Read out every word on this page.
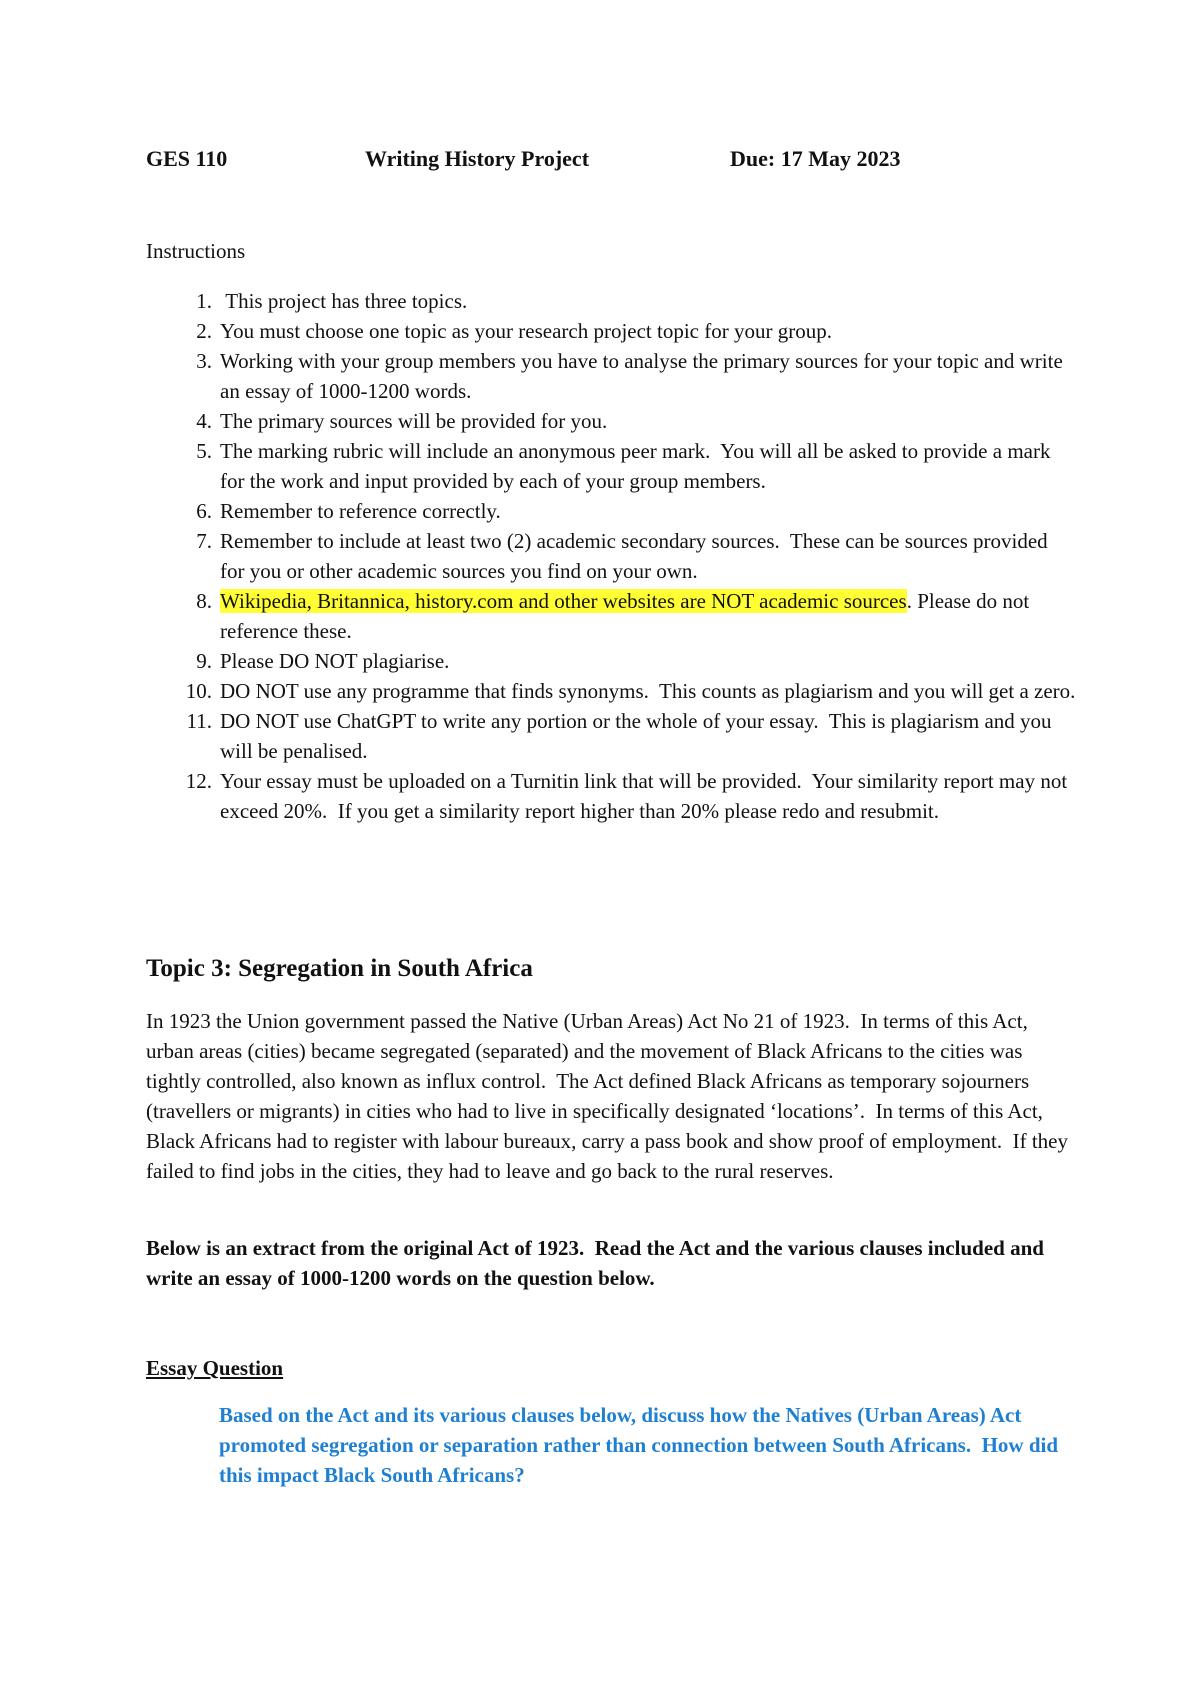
GES 110	Writing History Project	Due: 17 May 2023
Instructions
1. This project has three topics.
2. You must choose one topic as your research project topic for your group.
3. Working with your group members you have to analyse the primary sources for your topic and write an essay of 1000-1200 words.
4. The primary sources will be provided for you.
5. The marking rubric will include an anonymous peer mark.  You will all be asked to provide a mark for the work and input provided by each of your group members.
6. Remember to reference correctly.
7. Remember to include at least two (2) academic secondary sources.  These can be sources provided for you or other academic sources you find on your own.
8. Wikipedia, Britannica, history.com and other websites are NOT academic sources. Please do not reference these.
9. Please DO NOT plagiarise.
10. DO NOT use any programme that finds synonyms.  This counts as plagiarism and you will get a zero.
11. DO NOT use ChatGPT to write any portion or the whole of your essay.  This is plagiarism and you will be penalised.
12. Your essay must be uploaded on a Turnitin link that will be provided.  Your similarity report may not exceed 20%.  If you get a similarity report higher than 20% please redo and resubmit.
Topic 3: Segregation in South Africa

In 1923 the Union government passed the Native (Urban Areas) Act No 21 of 1923.  In terms of this Act, urban areas (cities) became segregated (separated) and the movement of Black Africans to the cities was tightly controlled, also known as influx control.  The Act defined Black Africans as temporary sojourners (travellers or migrants) in cities who had to live in specifically designated ‘locations’.  In terms of this Act, Black Africans had to register with labour bureaux, carry a pass book and show proof of employment.  If they failed to find jobs in the cities, they had to leave and go back to the rural reserves.

Below is an extract from the original Act of 1923.  Read the Act and the various clauses included and write an essay of 1000-1200 words on the question below.

Essay Question

Based on the Act and its various clauses below, discuss how the Natives (Urban Areas) Act promoted segregation or separation rather than connection between South Africans.  How did this impact Black South Africans?
